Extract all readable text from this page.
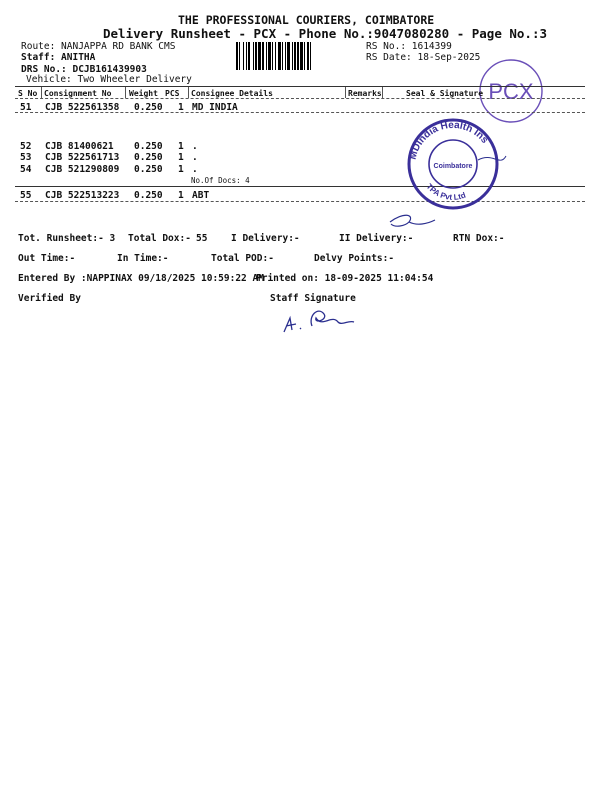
THE PROFESSIONAL COURIERS, COIMBATORE
Delivery Runsheet - PCX - Phone No.:9047080280 - Page No.:3
Route: NANJAPPA RD BANK CMS
Staff: ANITHA
DRS No.: DCJB161439903
Vehicle: Two Wheeler Delivery
RS No.: 1614399
RS Date: 18-Sep-2025
PCX
S No Consignment No Weight PCS Consignee Details	Remarks	Seal & Signature
51 CJB 522561358 0.250 1 MD INDIA
52 CJB 81400621 0.250 1 .
53 CJB 522561713 0.250 1 .
54 CJB 521290809 0.250 1 .
No.Of Docs: 4
55 CJB 522513223 0.250 1 ABT
MDIndia Health Ins
Coimbatore
TPA Pvt Ltd
Tot. Runsheet:- 3 Total Dox:- 55 I Delivery:-	II Delivery:-	RTN Dox:-
Out Time:-	In Time:-	Total POD:-	Delvy Points:-
Entered By :NAPPINAX 09/18/2025 10:59:22 AM
Printed on: 18-09-2025 11:04:54
Verified By	Staff Signature
